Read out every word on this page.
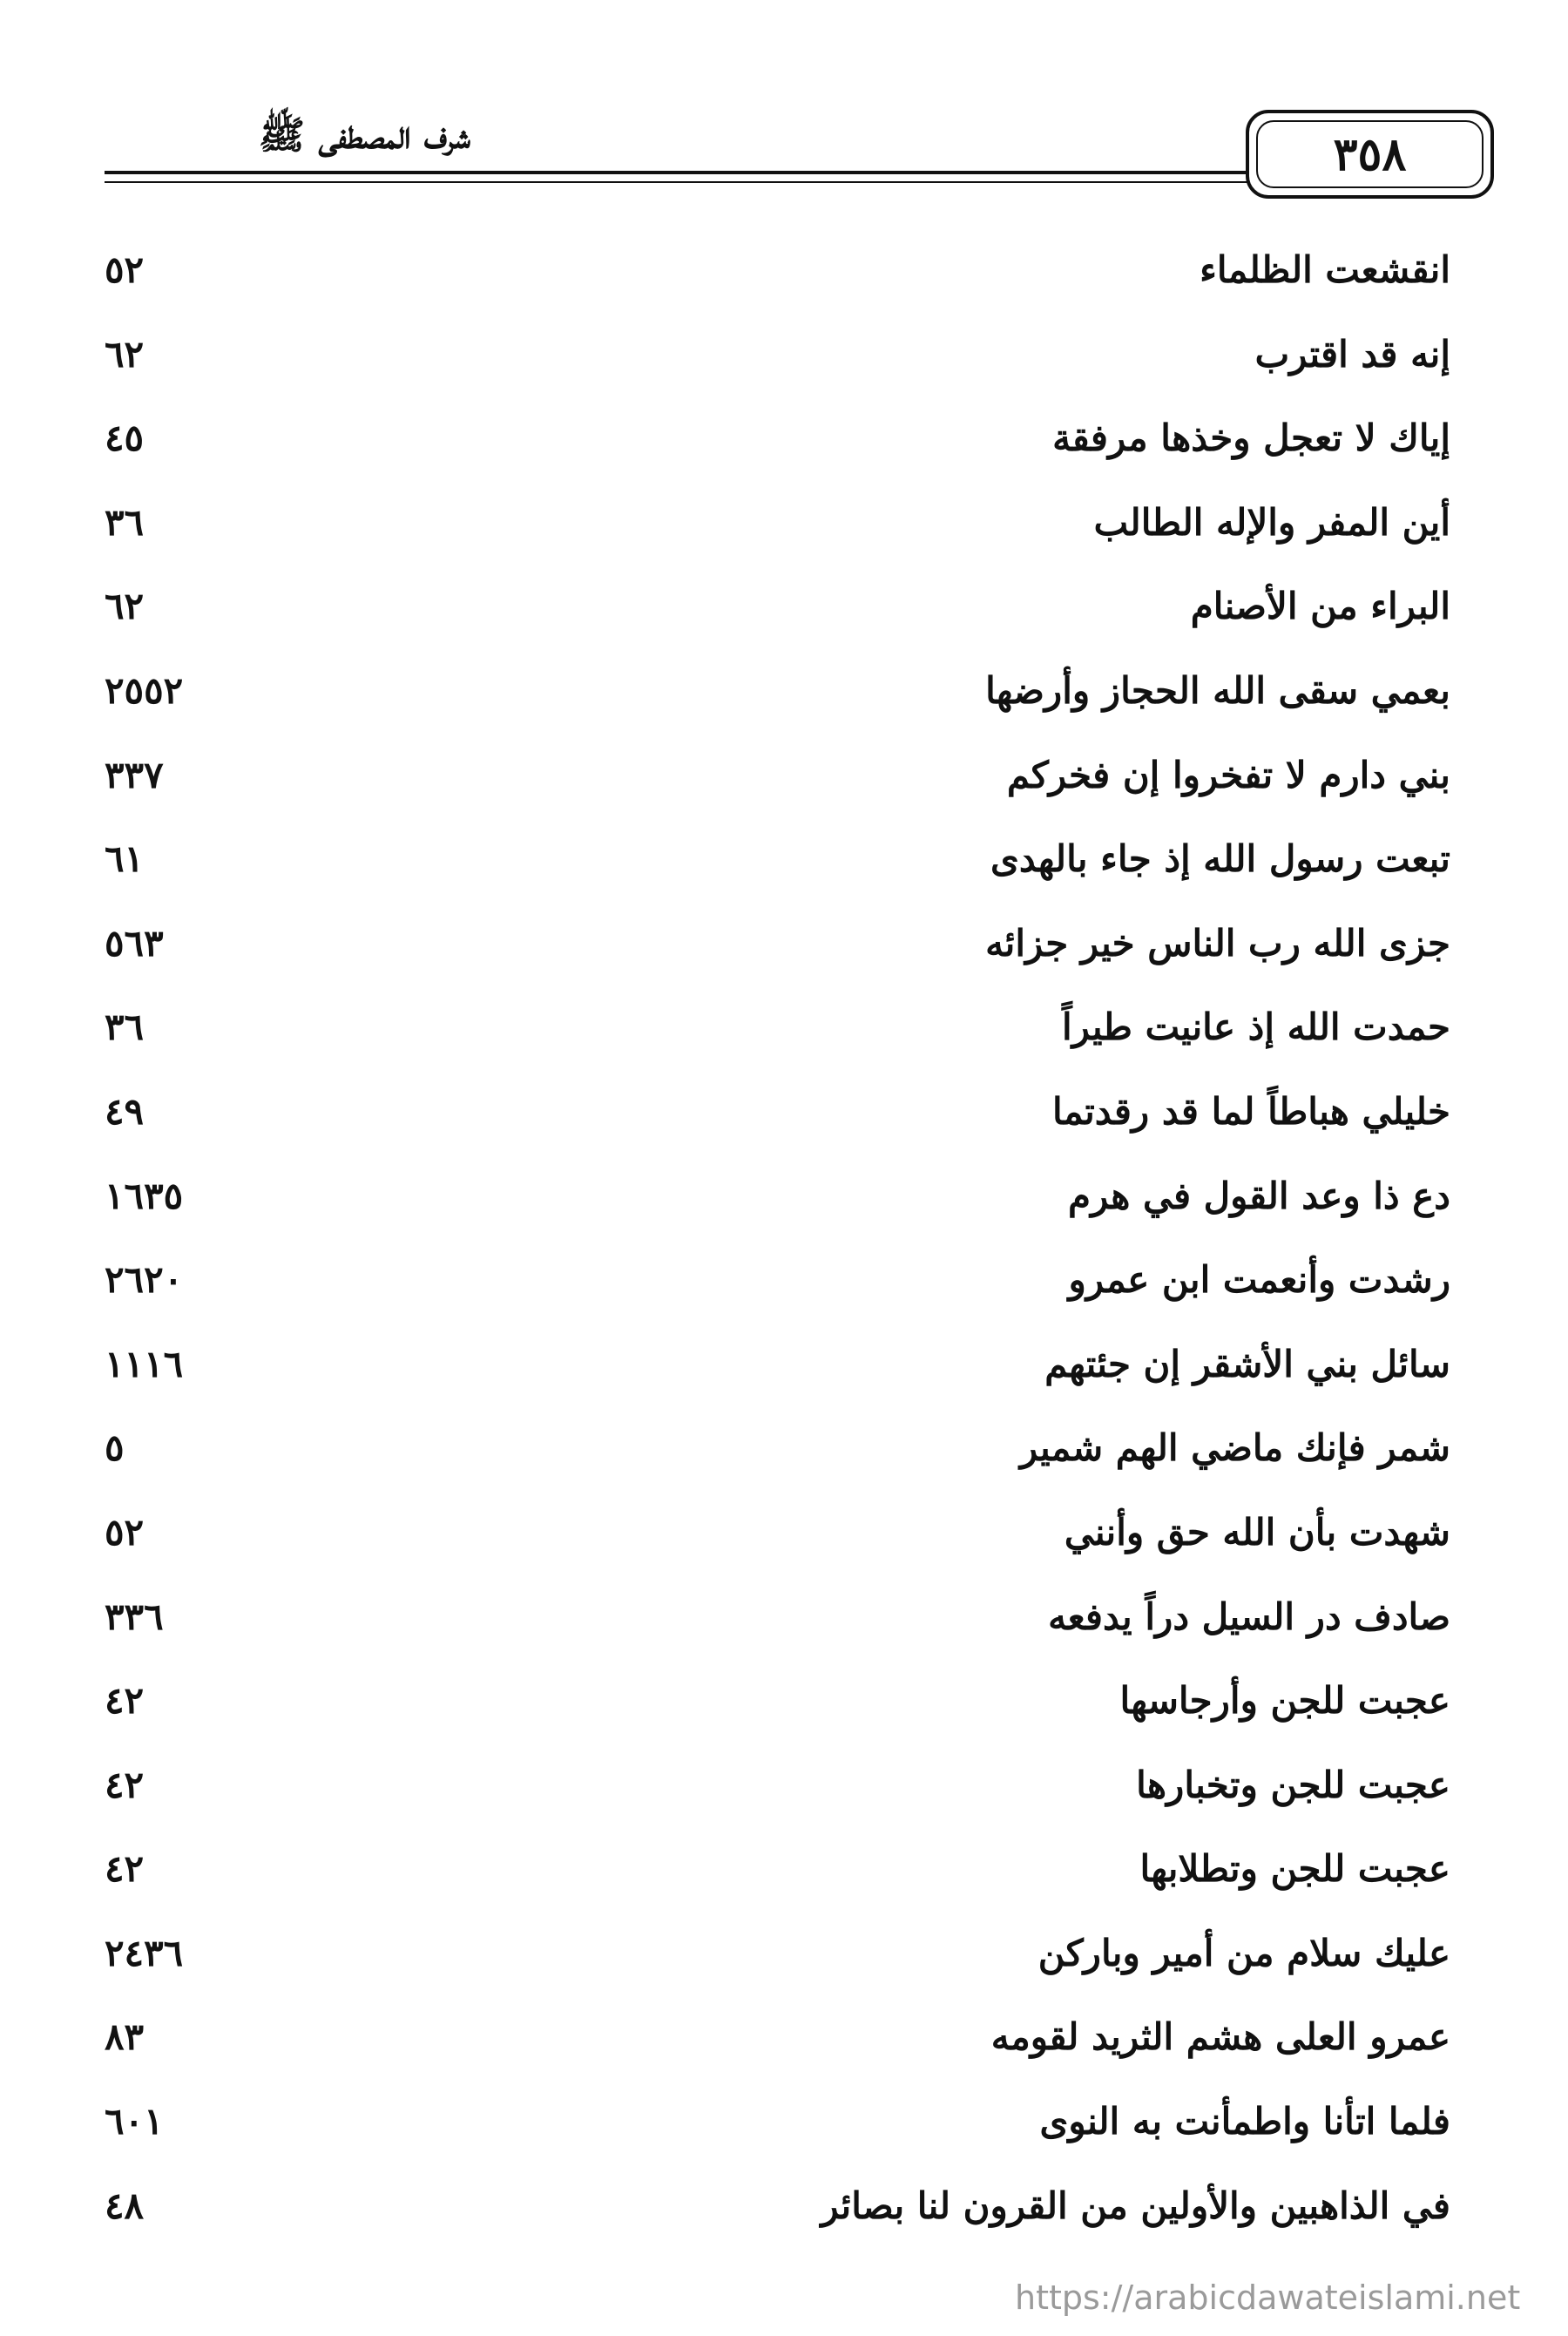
شرف المصطفى ﷺ	٣٥٨
انقشعت الظلماء
٥٢
إنه قد اقترب
٦٢
إياك لا تعجل وخذها مرفقة
٤٥
أين المفر والإله الطالب
٣٦
البراء من الأصنام
٦٢
بعمي سقى الله الحجاز وأرضها
٢٥٥٢
بني دارم لا تفخروا إن فخركم
٣٣٧
تبعت رسول الله إذ جاء بالهدى
٦١
جزى الله رب الناس خير جزائه
٥٦٣
حمدت الله إذ عانيت طيراً
٣٦
خليلي هباطاً لما قد رقدتما
٤٩
دع ذا وعد القول في هرم
١٦٣٥
رشدت وأنعمت ابن عمرو
٢٦٢٠
سائل بني الأشقر إن جئتهم
١١١٦
شمر فإنك ماضي الهم شمير
٥
شهدت بأن الله حق وأنني
٥٢
صادف در السيل دراً يدفعه
٣٣٦
عجبت للجن وأرجاسها
٤٢
عجبت للجن وتخبارها
٤٢
عجبت للجن وتطلابها
٤٢
عليك سلام من أمير وباركن
٢٤٣٦
عمرو العلى هشم الثريد لقومه
٨٣
فلما اتأنا واطمأنت به النوى
٦٠١
في الذاهبين والأولين من القرون لنا بصائر
٤٨
https://arabicdawateislami.net
